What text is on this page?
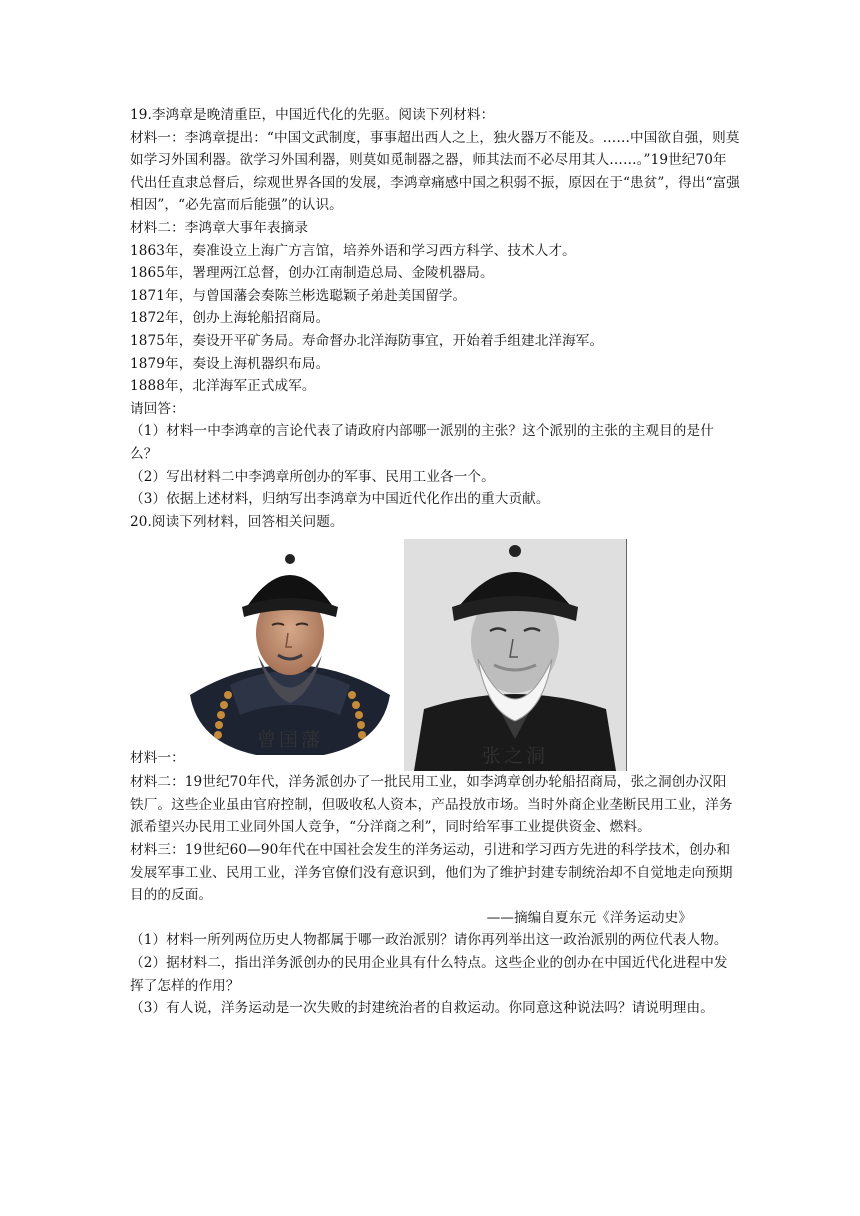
19.李鸿章是晚清重臣，中国近代化的先驱。阅读下列材料：

材料一：李鸿章提出：“中国文武制度，事事超出西人之上，独火器万不能及。……中国欲自强，则莫如学习外国利器。欲学习外国利器，则莫如觅制器之器，师其法而不必尽用其人……。”19世纪70年代出任直隶总督后，综观世界各国的发展，李鸿章痛感中国之积弱不振，原因在于“患贫”，得出“富强相因”，“必先富而后能强”的认识。

材料二：李鸿章大事年表摘录

1863年，奏准设立上海广方言馆，培养外语和学习西方科学、技术人才。

1865年，署理两江总督，创办江南制造总局、金陵机器局。

1871年，与曾国藩会奏陈兰彬选聪颖子弟赴美国留学。

1872年，创办上海轮船招商局。

1875年，奏设开平矿务局。寿命督办北洋海防事宜，开始着手组建北洋海军。

1879年，奏设上海机器织布局。

1888年，北洋海军正式成军。

请回答：

（1）材料一中李鸿章的言论代表了请政府内部哪一派别的主张？这个派别的主张的主观目的是什么？

（2）写出材料二中李鸿章所创办的军事、民用工业各一个。

（3）依据上述材料，归纳写出李鸿章为中国近代化作出的重大贡献。

20.阅读下列材料，回答相关问题。

材料一：
曾国藩
张之洞

材料二：19世纪70年代，洋务派创办了一批民用工业，如李鸿章创办轮船招商局，张之洞创办汉阳铁厂。这些企业虽由官府控制，但吸收私人资本，产品投放市场。当时外商企业垄断民用工业，洋务派希望兴办民用工业同外国人竞争，“分洋商之利”，同时给军事工业提供资金、燃料。

材料三：19世纪60—90年代在中国社会发生的洋务运动，引进和学习西方先进的科学技术，创办和发展军事工业、民用工业，洋务官僚们没有意识到，他们为了维护封建专制统治却不自觉地走向预期目的的反面。

——摘编自夏东元《洋务运动史》

（1）材料一所列两位历史人物都属于哪一政治派别？请你再列举出这一政治派别的两位代表人物。

（2）据材料二，指出洋务派创办的民用企业具有什么特点。这些企业的创办在中国近代化进程中发挥了怎样的作用？

（3）有人说，洋务运动是一次失败的封建统治者的自救运动。你同意这种说法吗？请说明理由。
